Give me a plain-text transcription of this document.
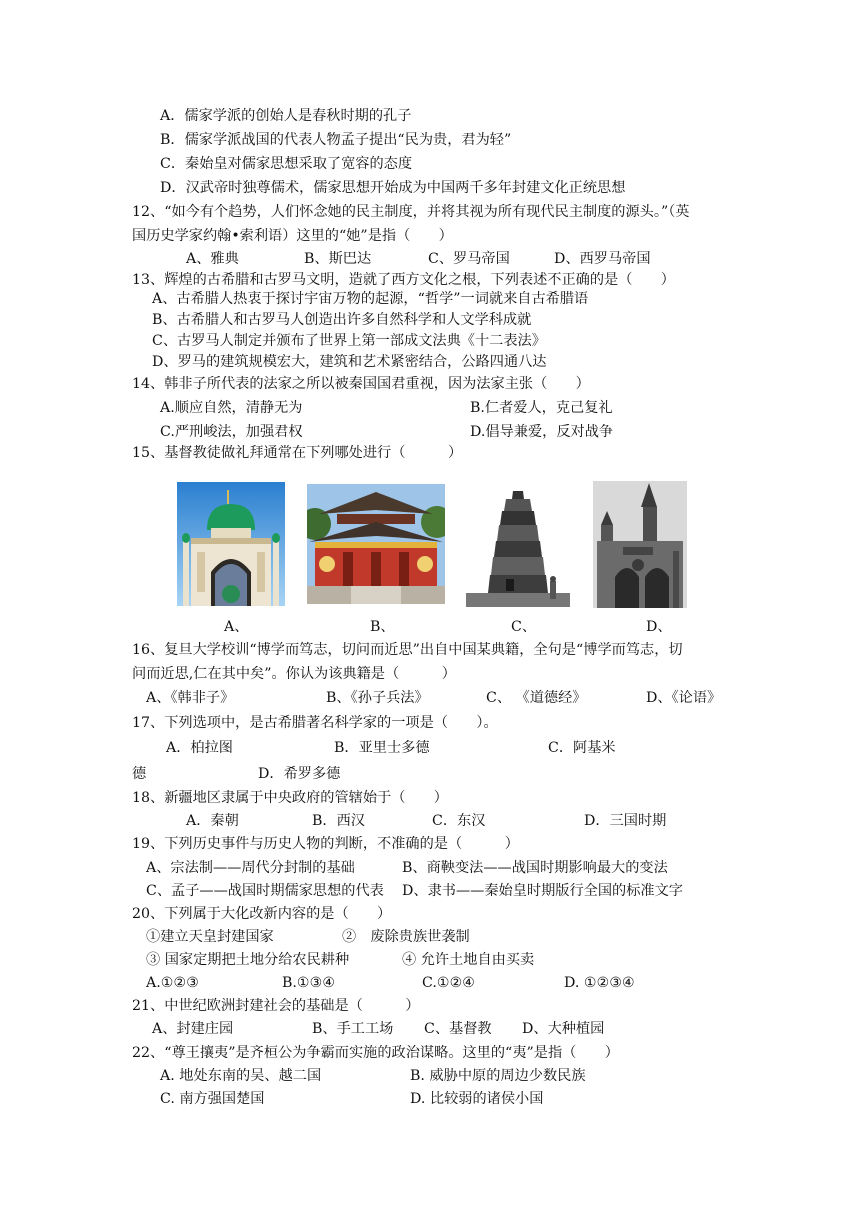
A．儒家学派的创始人是春秋时期的孔子
B．儒家学派战国的代表人物孟子提出“民为贵，君为轻”
C．秦始皇对儒家思想采取了宽容的态度
D．汉武帝时独尊儒术，儒家思想开始成为中国两千多年封建文化正统思想
12、“如今有个趋势，人们怀念她的民主制度，并将其视为所有现代民主制度的源头。”（英
国历史学家约翰•索利语）这里的“她”是指（　　）
A、雅典	B、斯巴达	C、罗马帝国	D、西罗马帝国
13、辉煌的古希腊和古罗马文明，造就了西方文化之根，下列表述不正确的是（　　）
A、古希腊人热衷于探讨宇宙万物的起源，“哲学”一词就来自古希腊语
B、古希腊人和古罗马人创造出许多自然科学和人文学科成就
C、古罗马人制定并颁布了世界上第一部成文法典《十二表法》
D、罗马的建筑规模宏大，建筑和艺术紧密结合，公路四通八达
14、韩非子所代表的法家之所以被秦国国君重视，因为法家主张（　　）
A.顺应自然，清静无为	B.仁者爱人，克己复礼
C.严刑峻法，加强君权	D.倡导兼爱，反对战争
15、基督教徒做礼拜通常在下列哪处进行（　　　）
A、	B、	C、	D、
16、复旦大学校训“博学而笃志，切问而近思”出自中国某典籍，全句是“博学而笃志，切
问而近思,仁在其中矣”。你认为该典籍是（　　　）
A、《韩非子》	B、《孙子兵法》	C、 《道德经》	D、《论语》
17、下列选项中，是古希腊著名科学家的一项是（　　）。
A．柏拉图	B．亚里士多德	C．阿基米
德	D．希罗多德
18、新疆地区隶属于中央政府的管辖始于（　　）
A．秦朝	B．西汉	C．东汉	D．三国时期
19、下列历史事件与历史人物的判断，不准确的是（　　　）
A、宗法制——周代分封制的基础	B、商鞅变法——战国时期影响最大的变法
C、孟子——战国时期儒家思想的代表 D、隶书——秦始皇时期版行全国的标准文字
20、下列属于大化改新内容的是（　　）
①建立天皇封建国家	②　废除贵族世袭制
③ 国家定期把土地分给农民耕种	④ 允许土地自由买卖
A.①②③	B.①③④	C.①②④	D. ①②③④
21、中世纪欧洲封建社会的基础是（　　　）
A、封建庄园	B、手工工场 C、基督教 D、大种植园
22、“尊王攘夷”是齐桓公为争霸而实施的政治谋略。这里的“夷”是指（　　）
A. 地处东南的吴、越二国	B. 威胁中原的周边少数民族
C. 南方强国楚国	D. 比较弱的诸侯小国
